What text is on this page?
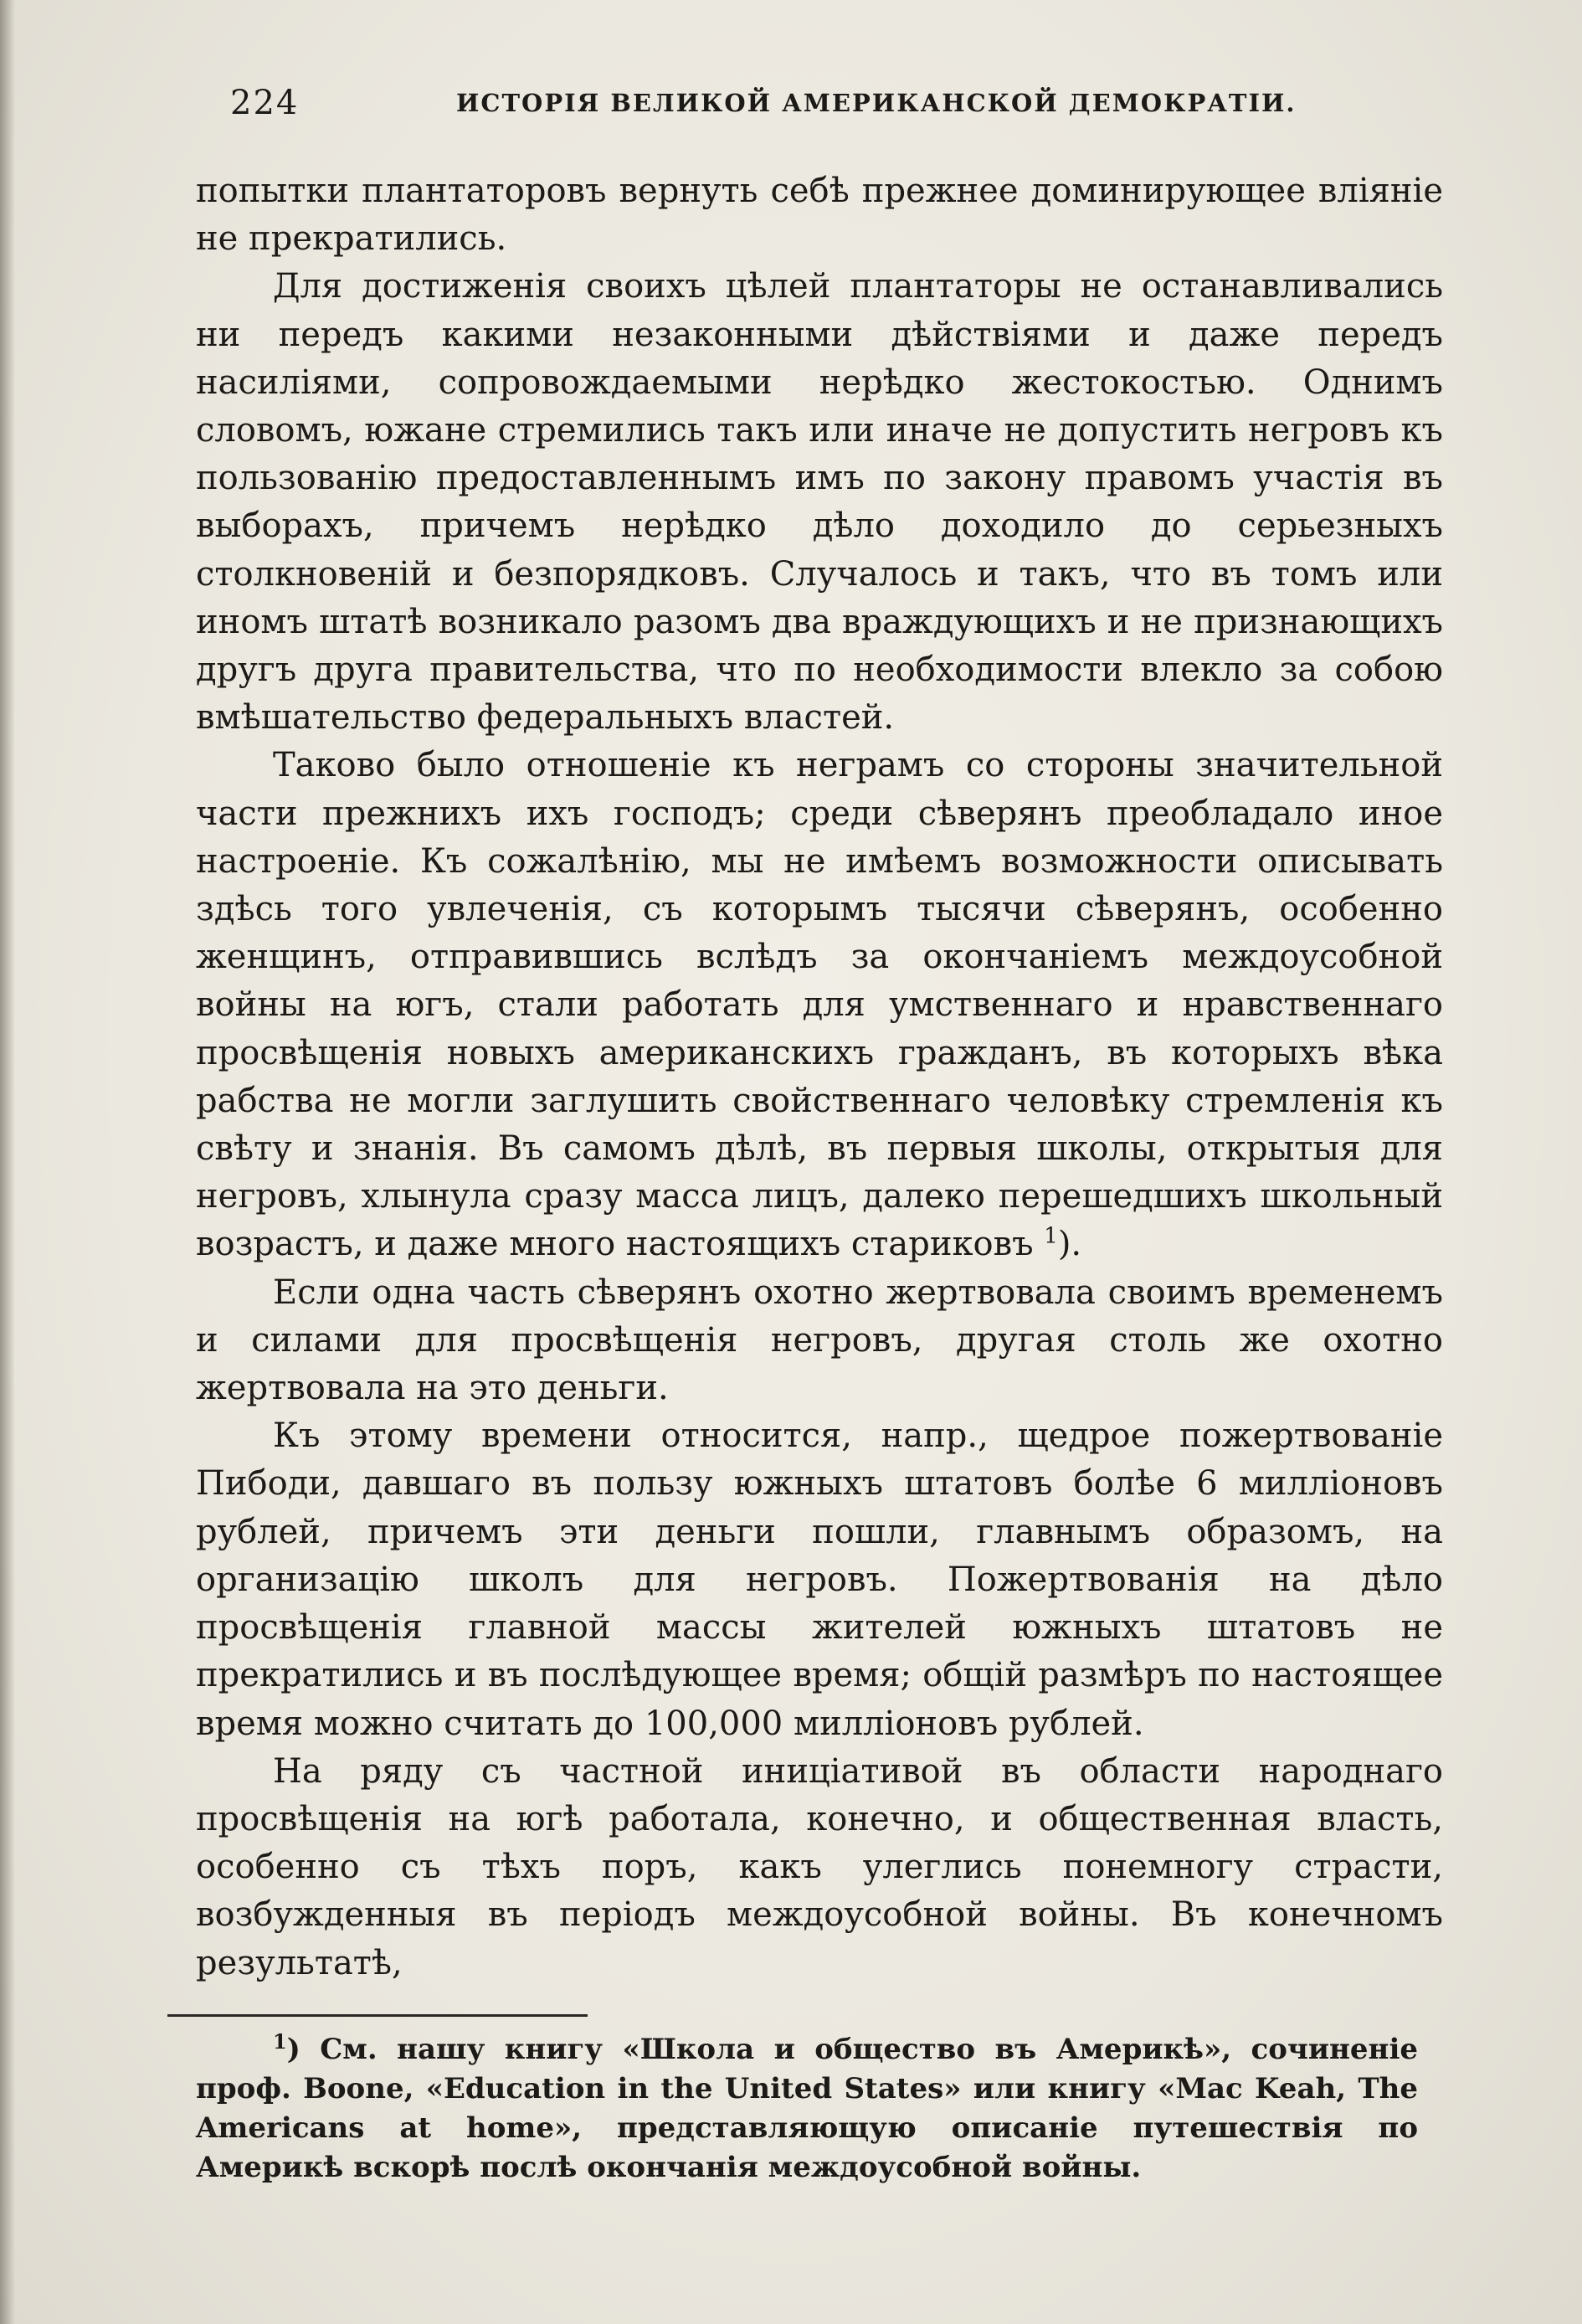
224	ИСТОРІЯ ВЕЛИКОЙ АМЕРИКАНСКОЙ ДЕМОКРАТІИ.

попытки плантаторовъ вернуть себѣ прежнее доминирующее вліяніе не прекратились.

Для достиженія своихъ цѣлей плантаторы не останавливались ни передъ какими незаконными дѣйствіями и даже передъ насиліями, сопровождаемыми нерѣдко жестокостью. Однимъ словомъ, южане стремились такъ или иначе не допустить негровъ къ пользованію предоставленнымъ имъ по закону правомъ участія въ выборахъ, причемъ нерѣдко дѣло доходило до серьезныхъ столкновеній и безпорядковъ. Случалось и такъ, что въ томъ или иномъ штатѣ возникало разомъ два враждующихъ и не признающихъ другъ друга правительства, что по необходимости влекло за собою вмѣшательство федеральныхъ властей.

Таково было отношеніе къ неграмъ со стороны значительной части прежнихъ ихъ господъ; среди сѣверянъ преобладало иное настроеніе. Къ сожалѣнію, мы не имѣемъ возможности описывать здѣсь того увлеченія, съ которымъ тысячи сѣверянъ, особенно женщинъ, отправившись вслѣдъ за окончаніемъ междоусобной войны на югъ, стали работать для умственнаго и нравственнаго просвѣщенія новыхъ американскихъ гражданъ, въ которыхъ вѣка рабства не могли заглушить свойственнаго человѣку стремленія къ свѣту и знанія. Въ самомъ дѣлѣ, въ первыя школы, открытыя для негровъ, хлынула сразу масса лицъ, далеко перешедшихъ школьный возрастъ, и даже много настоящихъ стариковъ $^1$).

Если одна часть сѣверянъ охотно жертвовала своимъ временемъ и силами для просвѣщенія негровъ, другая столь же охотно жертвовала на это деньги.

Къ этому времени относится, напр., щедрое пожертвованіе Пибоди, давшаго въ пользу южныхъ штатовъ болѣе 6 милліоновъ рублей, причемъ эти деньги пошли, главнымъ образомъ, на организацію школъ для негровъ. Пожертвованія на дѣло просвѣщенія главной массы жителей южныхъ штатовъ не прекратились и въ послѣдующее время; общій размѣръ по настоящее время можно считать до 100,000 милліоновъ рублей.

На ряду съ частной иниціативой въ области народнаго просвѣщенія на югѣ работала, конечно, и общественная власть, особенно съ тѣхъ поръ, какъ улеглись понемногу страсти, возбужденныя въ періодъ междоусобной войны. Въ конечномъ результатѣ,

$^1$) См. нашу книгу «Школа и общество въ Америкѣ», сочиненіе проф. Boone, «Education in the United States» или книгу «Mac Keah, The Americans at home», представляющую описаніе путешествія по Америкѣ вскорѣ послѣ окончанія междоусобной войны.
